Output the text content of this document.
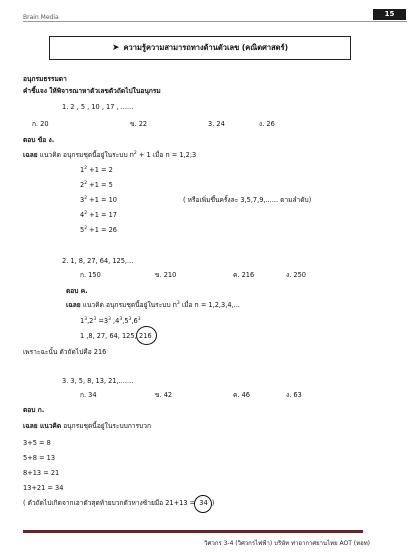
Brain Media	15
➤ ความรู้ความสามารถทางด้านตัวเลข (คณิตศาสตร์)
อนุกรมธรรมดา
คำชี้แจง ให้พิจารณาหาตัวเลขตัวถัดไปในอนุกรม
1. 2 , 5 , 10 , 17 , ......
ก. 20	ข. 22	3. 24	ง. 26
ตอบ ข้อ ง.
เฉลย แนวคิด อนุกรมชุดนี้อยู่ในระบบ $n^2 + 1$ เมื่อ n = 1,2,3
$1^2 +1 = 2$
$2^2 +1 = 5$
$3^2 +1 = 10$
$4^2 +1 = 17$
$5^2 +1 = 26$
( หรือเพิ่มขึ้นครั้งละ 3,5,7,9,...... ตามลำดับ)
2. 1, 8, 27, 64, 125,...
ก. 150	ข. 210	ค. 216	ง. 250
ตอบ ค.
เฉลย แนวคิด อนุกรมชุดนี้อยู่ในระบบ $n^3$ เมื่อ n = 1,2,3,4,...
$1^3,2^3 =3^3$ $,4^3,5^3,6^3$
1 ,8, 27, 64, 125, 216
เพราะฉะนั้น ตัวถัดไปคือ 216
3. 3, 5, 8, 13, 21,.......
ก. 34	ข. 42	ค. 46	ง. 63
ตอบ ก.
เฉลย แนวคิด อนุกรมชุดนี้อยู่ในระบบการบวก
3+5 = 8
5+8 = 13
8+13 = 21
13+21 = 34
( ตัวถัดไปเกิดจากเอาตัวสุดท้ายบวกตัวหางซ้ายมือ 21+13 =
34 )
วิศวกร 3-4 (วิศวกรไฟฟ้า) บริษัท ท่าอากาศยานไทย AOT (ทอท)
